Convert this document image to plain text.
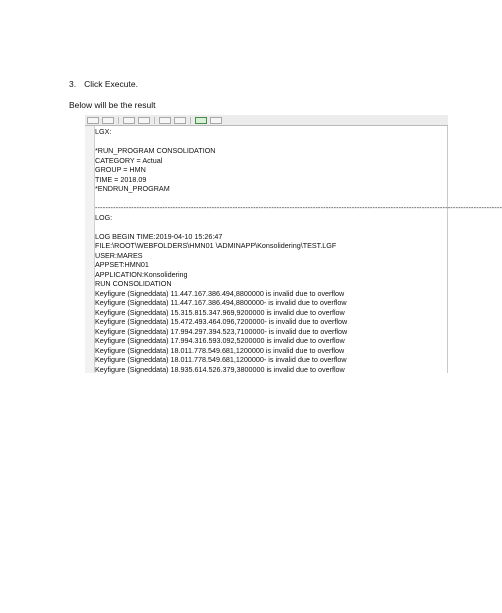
3. Click Execute.
Below will be the result
LGX:
*RUN_PROGRAM CONSOLIDATION
CATEGORY = Actual
GROUP = HMN
TIME = 2018.09
*ENDRUN_PROGRAM
-------------------------------------------------------------------------------------------------------------------------------------------------------------
LOG:
LOG BEGIN TIME:2019-04-10 15:26:47
FILE:\ROOT\WEBFOLDERS\HMN01 \ADMINAPP\Konsolidering\TEST.LGF
USER:MARES
APPSET:HMN01
APPLICATION:Konsolidering
RUN CONSOLIDATION
Keyfigure (Signeddata) 11.447.167.386.494,8800000 is invalid due to overflow
Keyfigure (Signeddata) 11.447.167.386.494,8800000- is invalid due to overflow
Keyfigure (Signeddata) 15.315.815.347.969,9200000 is invalid due to overflow
Keyfigure (Signeddata) 15.472.493.464.096,7200000- is invalid due to overflow
Keyfigure (Signeddata) 17.994.297.394.523,7100000- is invalid due to overflow
Keyfigure (Signeddata) 17.994.316.593.092,5200000 is invalid due to overflow
Keyfigure (Signeddata) 18.011.778.549.681,1200000 is invalid due to overflow
Keyfigure (Signeddata) 18.011.778.549.681,1200000- is invalid due to overflow
Keyfigure (Signeddata) 18.935.614.526.379,3800000 is invalid due to overflow
